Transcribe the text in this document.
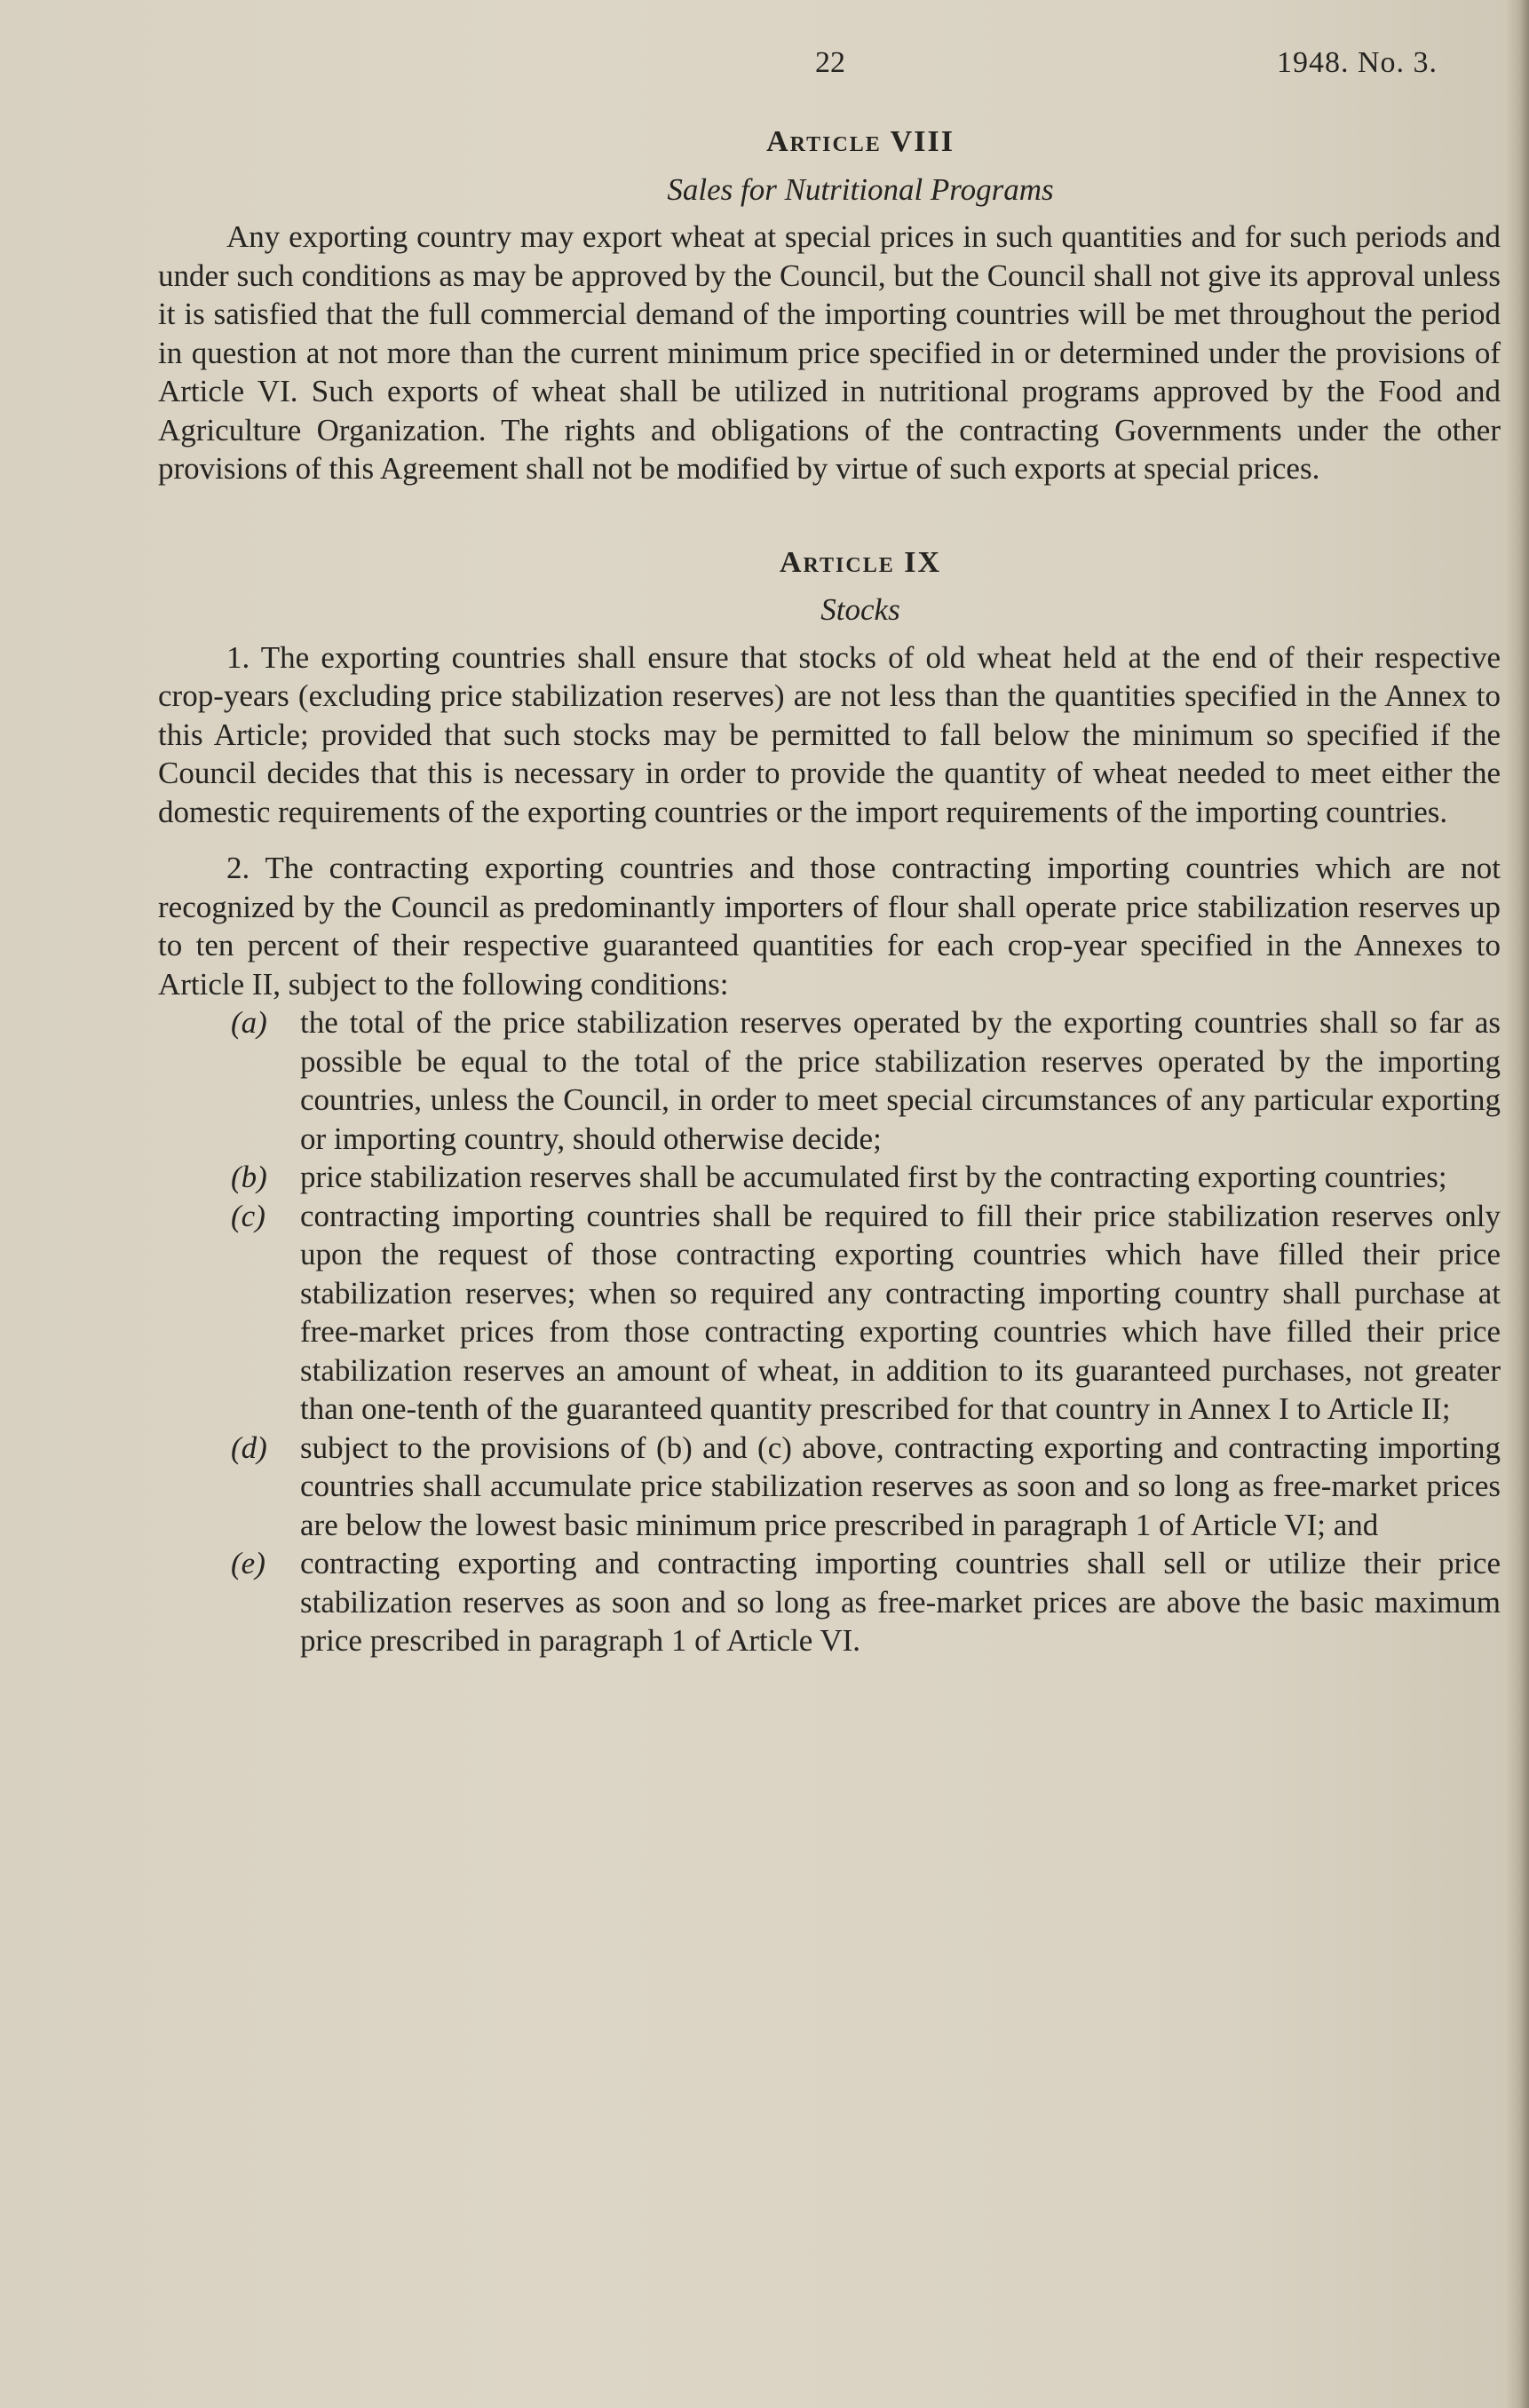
22	1948. No. 3.
Article VIII

Sales for Nutritional Programs

Any exporting country may export wheat at special prices in such quantities and for such periods and under such conditions as may be approved by the Council, but the Council shall not give its approval unless it is satisfied that the full commercial demand of the importing countries will be met throughout the period in question at not more than the current minimum price specified in or determined under the provisions of Article VI. Such exports of wheat shall be utilized in nutritional programs approved by the Food and Agriculture Organization. The rights and obligations of the contracting Governments under the other provisions of this Agreement shall not be modified by virtue of such exports at special prices.

Article IX

Stocks

1. The exporting countries shall ensure that stocks of old wheat held at the end of their respective crop-years (excluding price stabilization reserves) are not less than the quantities specified in the Annex to this Article; provided that such stocks may be permitted to fall below the minimum so specified if the Council decides that this is necessary in order to provide the quantity of wheat needed to meet either the domestic requirements of the exporting countries or the import requirements of the importing countries.

2. The contracting exporting countries and those contracting importing countries which are not recognized by the Council as predominantly importers of flour shall operate price stabilization reserves up to ten percent of their respective guaranteed quantities for each crop-year specified in the Annexes to Article II, subject to the following conditions:

(a) the total of the price stabilization reserves operated by the exporting countries shall so far as possible be equal to the total of the price stabilization reserves operated by the importing countries, unless the Council, in order to meet special circumstances of any particular exporting or importing country, should otherwise decide;
(b) price stabilization reserves shall be accumulated first by the contracting exporting countries;
(c) contracting importing countries shall be required to fill their price stabilization reserves only upon the request of those contracting exporting countries which have filled their price stabilization reserves; when so required any contracting importing country shall purchase at free-market prices from those contracting exporting countries which have filled their price stabilization reserves an amount of wheat, in addition to its guaranteed purchases, not greater than one-tenth of the guaranteed quantity prescribed for that country in Annex I to Article II;
(d) subject to the provisions of (b) and (c) above, contracting exporting and contracting importing countries shall accumulate price stabilization reserves as soon and so long as free-market prices are below the lowest basic minimum price prescribed in paragraph 1 of Article VI; and
(e) contracting exporting and contracting importing countries shall sell or utilize their price stabilization reserves as soon and so long as free-market prices are above the basic maximum price prescribed in paragraph 1 of Article VI.
